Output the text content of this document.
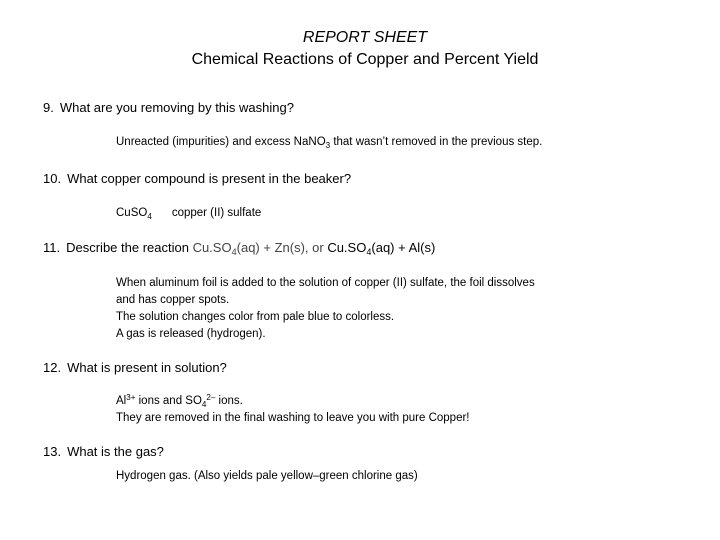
REPORT SHEET
Chemical Reactions of Copper and Percent Yield
9. What are you removing by this washing?
Unreacted (impurities) and excess NaNO$_3$ that wasn’t removed in the previous step.
10. What copper compound is present in the beaker?
CuSO$_4$ copper (II) sulfate
11. Describe the reaction $Cu.SO_4(aq) + Zn(s)$, or $Cu.SO_4(aq) + Al(s)$
When aluminum foil is added to the solution of copper (II) sulfate, the foil dissolves
and has copper spots.
The solution changes color from pale blue to colorless.
A gas is released (hydrogen).
12. What is present in solution?
$Al^{3+}$ ions and $SO_4^{2-}$ ions.
They are removed in the final washing to leave you with pure Copper!
13. What is the gas?
Hydrogen gas. (Also yields pale yellow–green chlorine gas)
